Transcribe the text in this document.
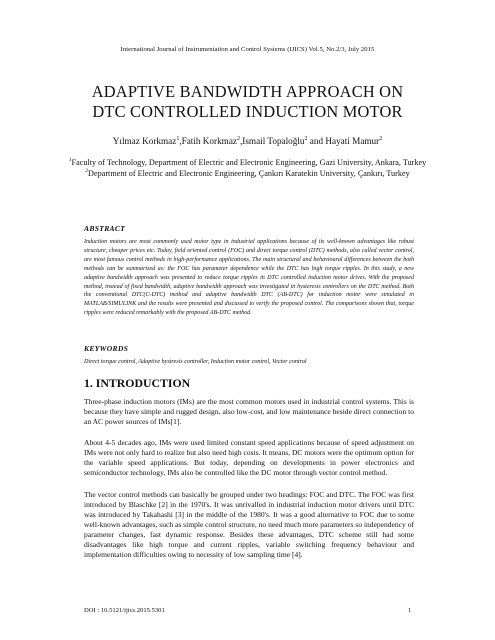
International Journal of Instrumentation and Control Systems (IJICS) Vol.5, No.2/3, July 2015
ADAPTIVE BANDWIDTH APPROACH ON
DTC CONTROLLED INDUCTION MOTOR
Yılmaz Korkmaz$^1$,Fatih Korkmaz$^2$,Ismail Topaloğlu$^2$ and Hayati Mamur$^2$
$^1$Faculty of Technology, Department of Electric and Electronic Engineering, Gazi University, Ankara, Turkey
$^2$Department of Electric and Electronic Engineering, Çankırı Karatekin University, Çankırı, Turkey
ABSTRACT
Induction motors are most commonly used motor type in industrial applications because of its well-known advantages like robust structure, cheaper prices etc. Today, field oriented control (FOC) and direct torque control (DTC) methods, also called vector control, are most famous control methods in high-performance applications. The main structural and behavioural differences between the both methods can be summarized as: the FOC has parameter dependence while the DTC has high torque ripples. In this study, a new adaptive bandwidth approach was presented to reduce torque ripples in DTC controlled induction motor drives. With the proposed method, instead of fixed bandwidth, adaptive bandwidth approach was investigated in hysteresis controllers on the DTC method. Both the conventional DTC(C-DTC) method and adaptive bandwidth DTC (AB-DTC) for induction motor were simulated in MATLAB/SIMULINK and the results were presented and discussed to verify the proposed control. The comparisons shown that, torque ripples were reduced remarkably with the proposed AB-DTC method.
KEYWORDS
Direct torque control, Adaptive hystresis controller, Induction motor control, Vector control
1. INTRODUCTION

Three-phase induction motors (IMs) are the most common motors used in industrial control systems. This is because they have simple and rugged design, also low-cost, and low maintenance beside direct connection to an AC power sources of IMs[1].

About 4-5 decades ago, IMs were used limited constant speed applications because of speed adjustment on IMs were not only hard to realize but also need high costs. It means, DC motors were the optimum option for the variable speed applications. But today, depending on developments in power electronics and semiconductor technology, IMs also be controlled like the DC motor through vector control method.

The vector control methods can basically be grouped under two headings: FOC and DTC. The FOC was first introduced by Blaschke [2] in the 1970's. It was unrivalled in industrial induction motor drivers until DTC was introduced by Takahashi [3] in the middle of the 1980's. It was a good alternative to FOC due to some well-known advantages, such as simple control structure, no need much more parameters so independency of parameter changes, fast dynamic response. Besides these advantages, DTC scheme still had some disadvantages like high torque and current ripples, variable switching frequency behaviour and implementation difficulties owing to necessity of low sampling time [4].

DOI : 10.5121/ijics.2015.5301	1
